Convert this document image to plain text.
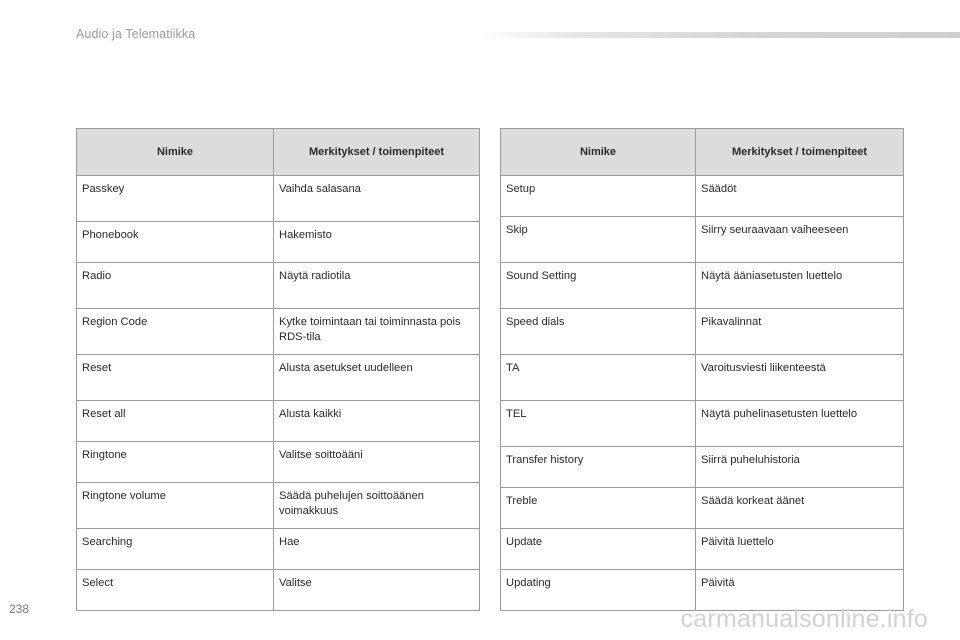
Audio ja Telematiikka
Nimike	Merkitykset / toimenpiteet
Passkey	Vaihda salasana
Phonebook	Hakemisto
Radio	Näytä radiotila
Region Code	Kytke toimintaan tai toiminnasta pois RDS-tila
Reset	Alusta asetukset uudelleen
Reset all	Alusta kaikki
Ringtone	Valitse soittoääni
Ringtone volume	Säädä puhelujen soittoäänen voimakkuus
Searching	Hae
Select	Valitse
Nimike	Merkitykset / toimenpiteet
Setup	Säädöt
Skip	Siirry seuraavaan vaiheeseen
Sound Setting	Näytä ääniasetusten luettelo
Speed dials	Pikavalinnat
TA	Varoitusviesti liikenteestä
TEL	Näytä puhelinasetusten luettelo
Transfer history	Siirrä puheluhistoria
Treble	Säädä korkeat äänet
Update	Päivitä luettelo
Updating	Päivitä
238	carmanualsonline.info
